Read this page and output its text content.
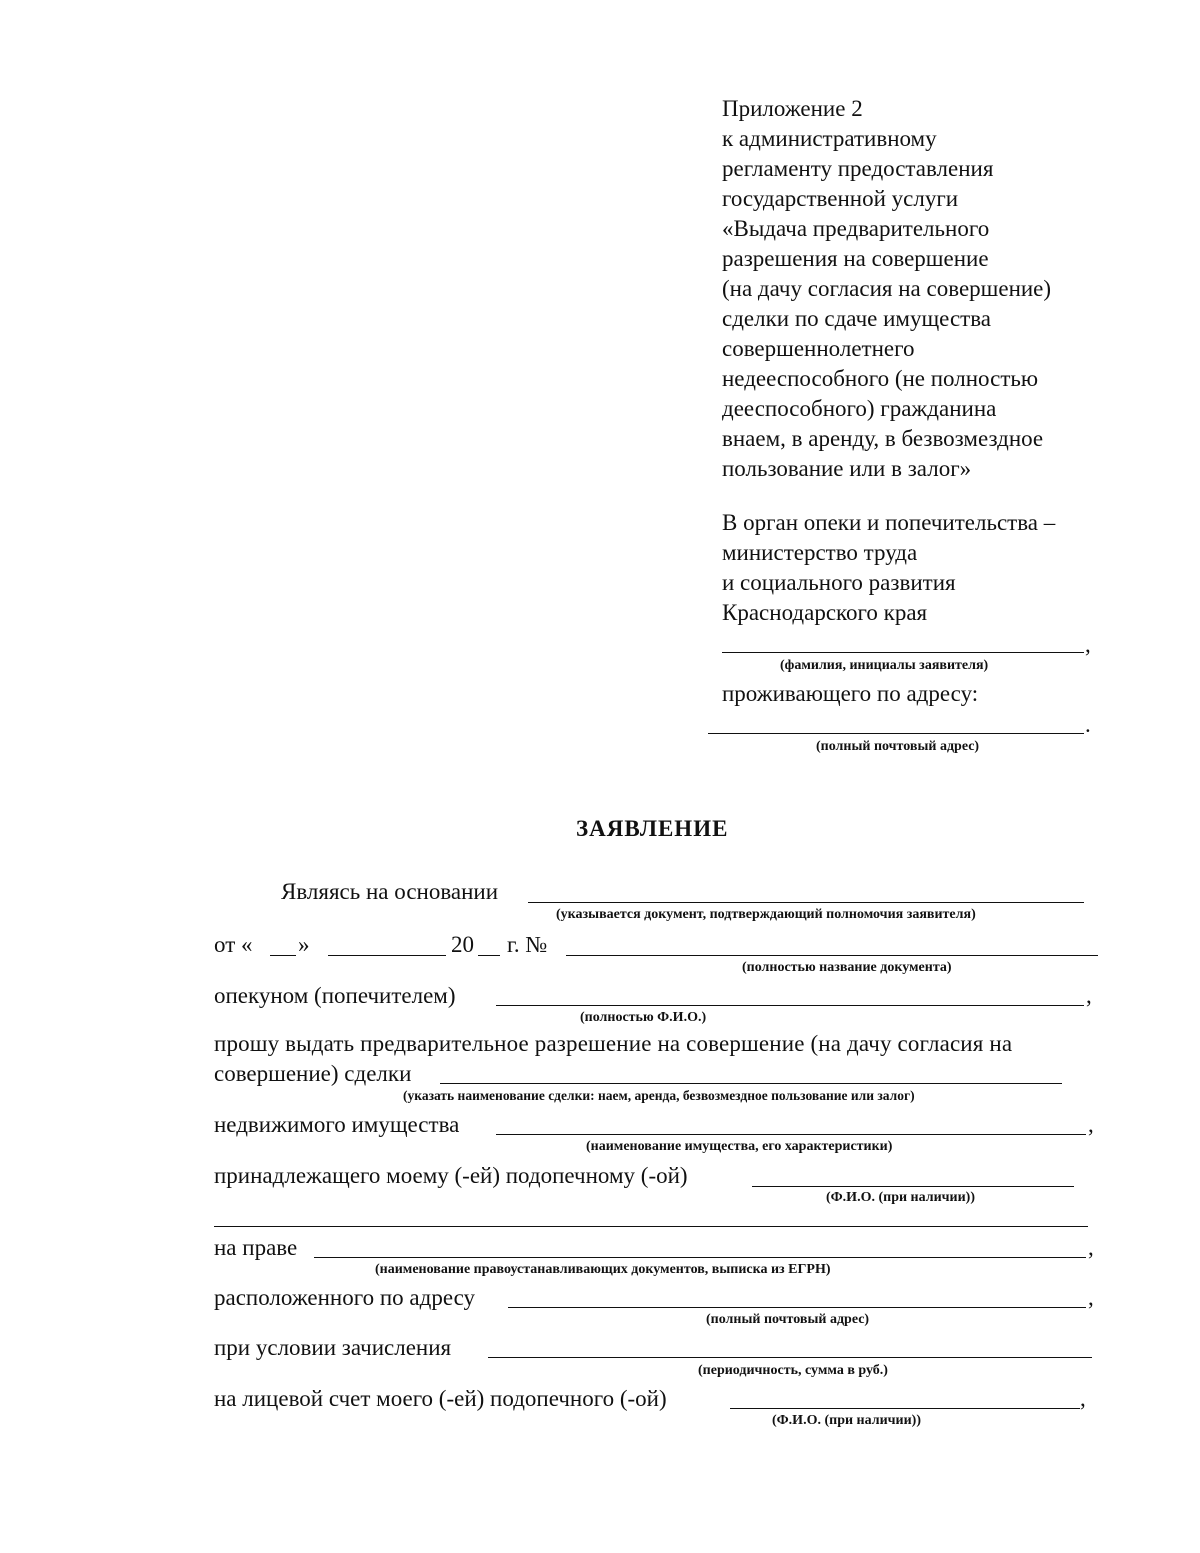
Приложение 2
к административному
регламенту предоставления
государственной услуги
«Выдача предварительного
разрешения на совершение
(на дачу согласия на совершение)
сделки по сдаче имущества
совершеннолетнего
недееспособного (не полностью
дееспособного) гражданина
внаем, в аренду, в безвозмездное
пользование или в залог»
В орган опеки и попечительства –
министерство труда
и социального развития
Краснодарского края
,
(фамилия, инициалы заявителя)
проживающего по адресу:
.
(полный почтовый адрес)
ЗАЯВЛЕНИЕ
Являясь на основании
(указывается документ, подтверждающий полномочия заявителя)
от « »	20 г. №
(полностью название документа)
опекуном (попечителем)	,
(полностью Ф.И.О.)
прошу выдать предварительное разрешение на совершение (на дачу согласия на
совершение) сделки
(указать наименование сделки: наем, аренда, безвозмездное пользование или залог)
недвижимого имущества	,
(наименование имущества, его характеристики)
принадлежащего моему (-ей) подопечному (-ой)
(Ф.И.О. (при наличии))
на праве	,
(наименование правоустанавливающих документов, выписка из ЕГРН)
расположенного по адресу	,
(полный почтовый адрес)
при условии зачисления
(периодичность, сумма в руб.)
на лицевой счет моего (-ей) подопечного (-ой)	,
(Ф.И.О. (при наличии))
